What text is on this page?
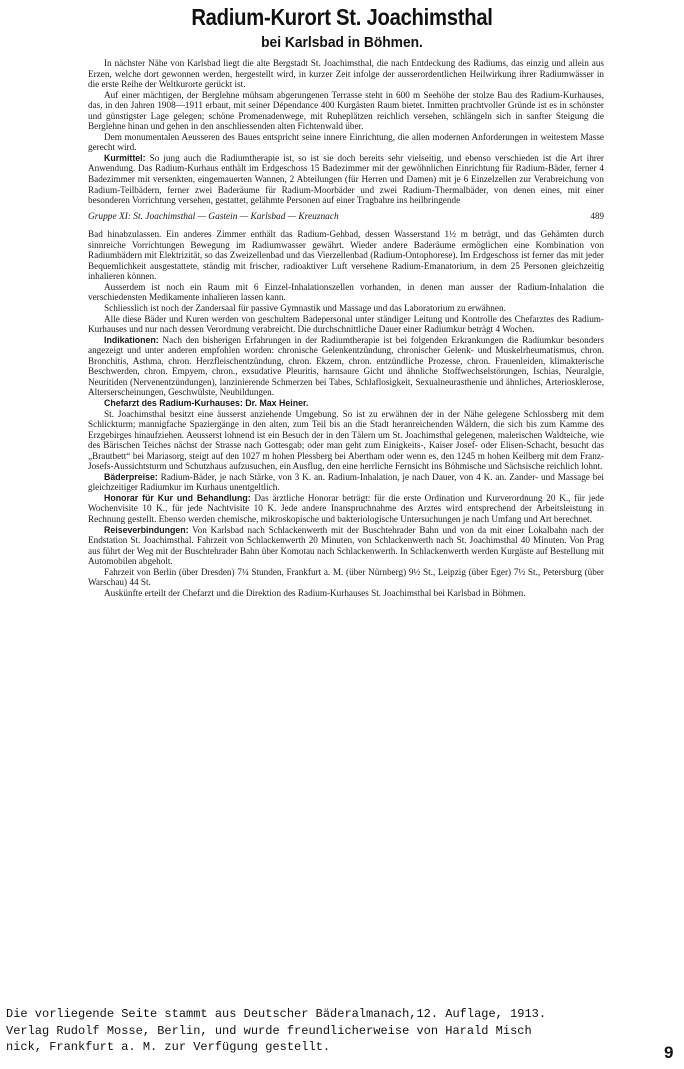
Radium-Kurort St. Joachimsthal
bei Karlsbad in Böhmen.

In nächster Nähe von Karlsbad liegt die alte Bergstadt St. Joachimsthal, die nach Entdeckung des Radiums, das einzig und allein aus Erzen, welche dort gewonnen werden, hergestellt wird, in kurzer Zeit infolge der ausserordentlichen Heilwirkung ihrer Radiumwässer in die erste Reihe der Weltkurorte gerückt ist.

Auf einer mächtigen, der Berglehne mühsam abgerungenen Terrasse steht in 600 m Seehöhe der stolze Bau des Radium-Kurhauses, das, in den Jahren 1908—1911 erbaut, mit seiner Dépendance 400 Kurgästen Raum bietet. Inmitten prachtvoller Gründe ist es in schönster und günstigster Lage gelegen; schöne Promenadenwege, mit Ruheplätzen reichlich versehen, schlängeln sich in sanfter Steigung die Berglehne hinan und gehen in den anschliessenden alten Fichtenwald über.

Dem monumentalen Aeusseren des Baues entspricht seine innere Einrichtung, die allen modernen Anforderungen in weitestem Masse gerecht wird.

Kurmittel: So jung auch die Radiumtherapie ist, so ist sie doch bereits sehr vielseitig, und ebenso verschieden ist die Art ihrer Anwendung. Das Radium-Kurhaus enthält im Erdgeschoss 15 Badezimmer mit der gewöhnlichen Einrichtung für Radium-Bäder, ferner 4 Badezimmer mit versenkten, eingemauerten Wannen, 2 Abteilungen (für Herren und Damen) mit je 6 Einzelzellen zur Verabreichung von Radium-Teilbädern, ferner zwei Baderäume für Radium-Moorbäder und zwei Radium-Thermalbäder, von denen eines, mit einer besonderen Vorrichtung versehen, gestattet, gelähmte Personen auf einer Tragbahre ins heilbringende

Gruppe XI: St. Joachimsthal — Gastein — Karlsbad — Kreuznach	489

Bad hinabzulassen. Ein anderes Zimmer enthält das Radium-Gehbad, dessen Wasserstand 1½ m beträgt, und das Gehämten durch sinnreiche Vorrichtungen Bewegung im Radiumwasser gewährt. Wieder andere Baderäume ermöglichen eine Kombination von Radiumbädern mit Elektrizität, so das Zweizellenbad und das Vierzellenbad (Radium-Ontophorese). Im Erdgeschoss ist ferner das mit jeder Bequemlichkeit ausgestattete, ständig mit frischer, radioaktiver Luft versehene Radium-Emanatorium, in dem 25 Personen gleichzeitig inhalieren können.

Ausserdem ist noch ein Raum mit 6 Einzel-Inhalationszellen vorhanden, in denen man ausser der Radium-Inhalation die verschiedensten Medikamente inhalieren lassen kann.

Schliesslich ist noch der Zandersaal für passive Gymnastik und Massage und das Laboratorium zu erwähnen.

Alle diese Bäder und Kuren werden von geschultem Badepersonal unter ständiger Leitung und Kontrolle des Chefarztes des Radium-Kurhauses und nur nach dessen Verordnung verabreicht. Die durchschnittliche Dauer einer Radiumkur beträgt 4 Wochen.

Indikationen: Nach den bisherigen Erfahrungen in der Radiumtherapie ist bei folgenden Erkrankungen die Radiumkur besonders angezeigt und unter anderen empfohlen worden: chronische Gelenkentzündung, chronischer Gelenk- und Muskelrheumatismus, chron. Bronchitis, Asthma, chron. Herzfleischentzündung, chron. Ekzem, chron. entzündliche Prozesse, chron. Frauenleiden, klimakterische Beschwerden, chron. Empyem, chron., exsudative Pleuritis, harnsaure Gicht und ähnliche Stoffwechselstörungen, Ischias, Neuralgie, Neuritiden (Nervenentzündungen), lanzinierende Schmerzen bei Tabes, Schlaflosigkeit, Sexualneurasthenie und ähnliches, Arteriosklerose, Alterserscheinungen, Geschwülste, Neubildungen.

Chefarzt des Radium-Kurhauses: Dr. Max Heiner.

St. Joachimsthal besitzt eine äusserst anziehende Umgebung. So ist zu erwähnen der in der Nähe gelegene Schlossberg mit dem Schlickturm; mannigfache Spaziergänge in den alten, zum Teil bis an die Stadt heranreichenden Wäldern, die sich bis zum Kamme des Erzgebirges hinaufziehen. Aeusserst lohnend ist ein Besuch der in den Tälern um St. Joachimsthal gelegenen, malerischen Waldteiche, wie des Bärischen Teiches nächst der Strasse nach Gottesgab; oder man geht zum Einigkeits-, Kaiser Josef- oder Elisen-Schacht, besucht das „Brautbett“ bei Mariasorg, steigt auf den 1027 m hohen Plessberg bei Abertham oder wenn es, den 1245 m hohen Keilberg mit dem Franz-Josefs-Aussichtsturm und Schutzhaus aufzusuchen, ein Ausflug, den eine herrliche Fernsicht ins Böhmische und Sächsische reichlich lohnt.

Bäderpreise: Radium-Bäder, je nach Stärke, von 3 K. an. Radium-Inhalation, je nach Dauer, von 4 K. an. Zander- und Massage bei gleichzeitiger Radiumkur im Kurhaus unentgeltlich.

Honorar für Kur und Behandlung: Das ärztliche Honorar beträgt: für die erste Ordination und Kurverordnung 20 K., für jede Wochenvisite 10 K., für jede Nachtvisite 10 K. Jede andere Inanspruchnahme des Arztes wird entsprechend der Arbeitsleistung in Rechnung gestellt. Ebenso werden chemische, mikroskopische und bakteriologische Untersuchungen je nach Umfang und Art berechnet.

Reiseverbindungen: Von Karlsbad nach Schlackenwerth mit der Buschtehrader Bahn und von da mit einer Lokalbahn nach der Endstation St. Joachimsthal. Fahrzeit von Schlackenwerth 20 Minuten, von Schlackenwerth nach St. Joachimsthal 40 Minuten. Von Prag aus führt der Weg mit der Buschtehrader Bahn über Komotau nach Schlackenwerth. In Schlackenwerth werden Kurgäste auf Bestellung mit Automobilen abgeholt.

Fahrzeit von Berlin (über Dresden) 7¼ Stunden, Frankfurt a. M. (über Nürnberg) 9½ St., Leipzig (über Eger) 7½ St., Petersburg (über Warschau) 44 St.

Auskünfte erteilt der Chefarzt und die Direktion des Radium-Kurhauses St. Joachimsthal bei Karlsbad in Böhmen.

Die vorliegende Seite stammt aus Deutscher Bäderalmanach,12. Auflage, 1913.
Verlag Rudolf Mosse, Berlin, und wurde freundlicherweise von Harald Misch
nick, Frankfurt a. M. zur Verfügung gestellt.	9
